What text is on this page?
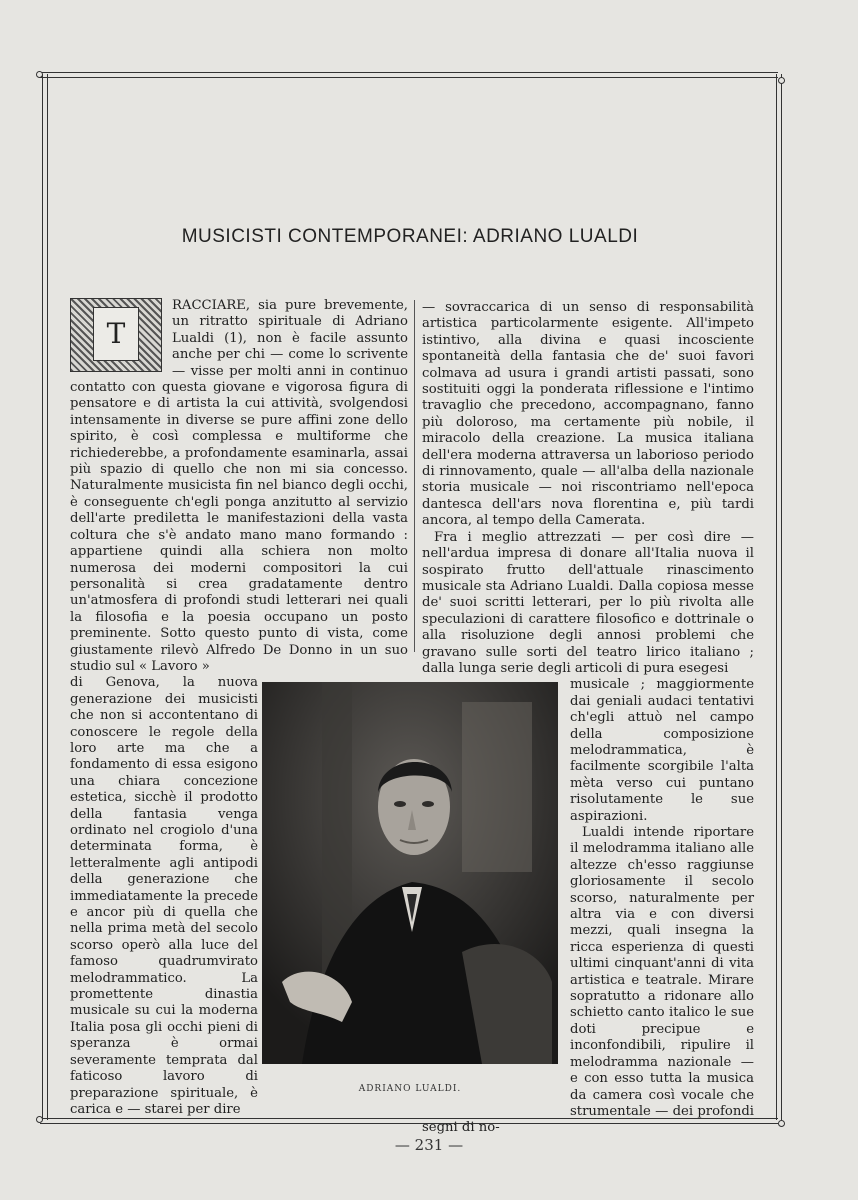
MUSICISTI CONTEMPORANEI: ADRIANO LUALDI
T

RACCIARE, sia pure brevemente, un ritratto spirituale di Adriano Lualdi (1), non è facile assunto anche per chi — come lo scrivente — visse per molti anni in continuo contatto con questa giovane e vigorosa figura di pensatore e di artista la cui attività, svolgendosi intensamente in diverse se pure affini zone dello spirito, è così complessa e multiforme che richiederebbe, a profondamente esaminarla, assai più spazio di quello che non mi sia concesso. Naturalmente musicista fin nel bianco degli occhi, è conseguente ch'egli ponga anzitutto al servizio dell'arte prediletta le manifestazioni della vasta coltura che s'è andato mano mano formando : appartiene quindi alla schiera non molto numerosa dei moderni compositori la cui personalità si crea gradatamente dentro un'atmosfera di profondi studi letterari nei quali la filosofia e la poesia occupano un posto preminente. Sotto questo punto di vista, come giustamente rilevò Alfredo De Donno in un suo studio sul « Lavoro »

di Genova, la nuova generazione dei musicisti che non si accontentano di conoscere le regole della loro arte ma che a fondamento di essa esigono una chiara concezione estetica, sicchè il prodotto della fantasia venga ordinato nel crogiolo d'una determinata forma, è letteralmente agli antipodi della generazione che immediatamente la precede e ancor più di quella che nella prima metà del secolo scorso operò alla luce del famoso quadrumvirato melodrammatico. La promettente dinastia musicale su cui la moderna Italia posa gli occhi pieni di speranza è ormai severamente temprata dal faticoso lavoro di preparazione spirituale, è carica e — starei per dire

— sovraccarica di un senso di responsabilità artistica particolarmente esigente. All'impeto istintivo, alla divina e quasi incosciente spontaneità della fantasia che de' suoi favori colmava ad usura i grandi artisti passati, sono sostituiti oggi la ponderata riflessione e l'intimo travaglio che precedono, accompagnano, fanno più doloroso, ma certamente più nobile, il miracolo della creazione. La musica italiana dell'era moderna attraversa un laborioso periodo di rinnovamento, quale — all'alba della nazionale storia musicale — noi riscontriamo nell'epoca dantesca dell'ars nova florentina e, più tardi ancora, al tempo della Camerata.

Fra i meglio attrezzati — per così dire — nell'ardua impresa di donare all'Italia nuova il sospirato frutto dell'attuale rinascimento musicale sta Adriano Lualdi. Dalla copiosa messe de' suoi scritti letterari, per lo più rivolta alle speculazioni di carattere filosofico e dottrinale o alla risoluzione degli annosi problemi che gravano sulle sorti del teatro lirico italiano ; dalla lunga serie degli articoli di pura esegesi

musicale ; maggiormente dai geniali audaci tentativi ch'egli attuò nel campo della composizione melodrammatica, è facilmente scorgibile l'alta mèta verso cui puntano risolutamente le sue aspirazioni.

Lualdi intende riportare il melodramma italiano alle altezze ch'esso raggiunse gloriosamente il secolo scorso, naturalmente per altra via e con diversi mezzi, quali insegna la ricca esperienza di questi ultimi cinquant'anni di vita artistica e teatrale. Mirare sopratutto a ridonare allo schietto canto italico le sue doti precipue e inconfondibili, ripulire il melodramma nazionale — e con esso tutta la musica da camera così vocale che strumentale — dei profondi segni di no-

ADRIANO LUALDI.
— 231 —
